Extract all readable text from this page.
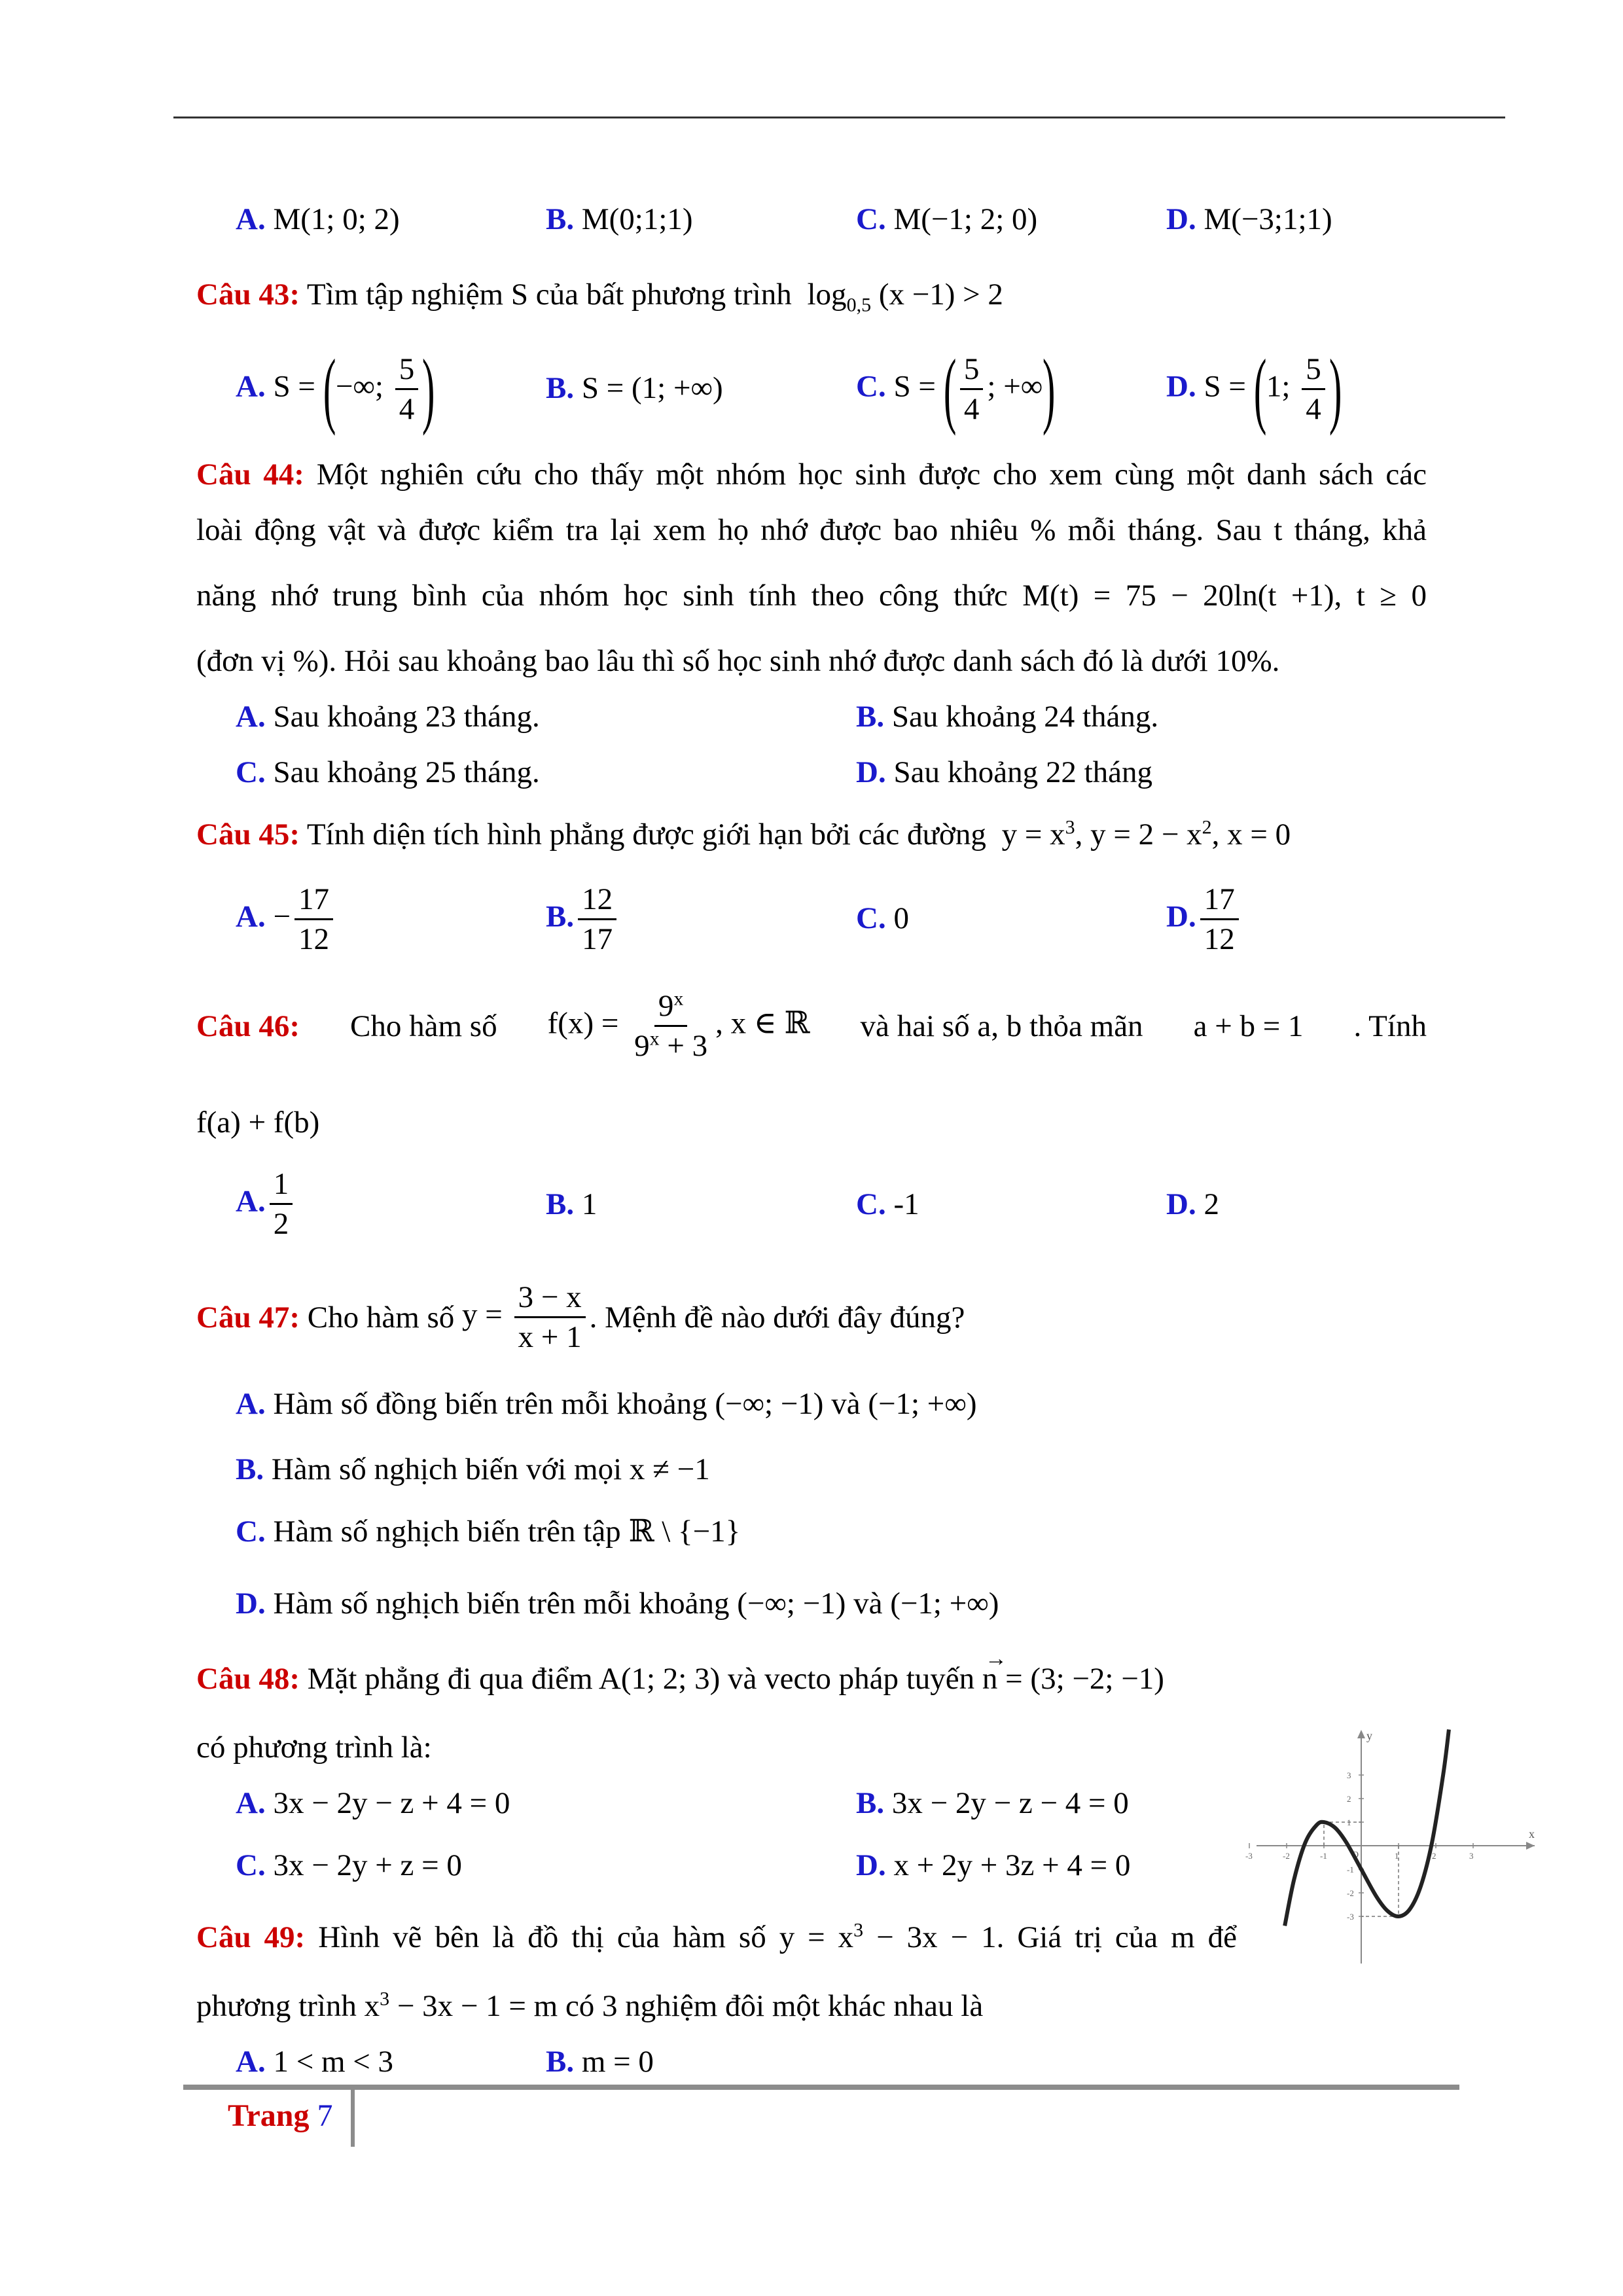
A. M(1; 0; 2)	B. M(0;1;1)	C. M(−1; 2; 0)	D. M(−3;1;1)
Câu 43: Tìm tập nghiệm S của bất phương trình $\log_{0,5} (x -1) > 2$
A. S = (−∞; $\frac{5}{4}$ )	B. S = (1; +∞)	C. S = ( $\frac{5}{4}$ ; +∞)	D. S = (1; $\frac{5}{4}$ )
Câu 44: Một nghiên cứu cho thấy một nhóm học sinh được cho xem cùng một danh sách các
loài động vật và được kiểm tra lại xem họ nhớ được bao nhiêu % mỗi tháng. Sau t tháng, khả
năng nhớ trung bình của nhóm học sinh tính theo công thức M(t) = 75 − 20ln(t +1), t ≥ 0
(đơn vị %). Hỏi sau khoảng bao lâu thì số học sinh nhớ được danh sách đó là dưới 10%.
A. Sau khoảng 23 tháng.	B. Sau khoảng 24 tháng.
C. Sau khoảng 25 tháng.	D. Sau khoảng 22 tháng
Câu 45: Tính diện tích hình phẳng được giới hạn bởi các đường $y = x^3$, $y = 2 - x^2$, x = 0
A. − $\frac{17}{12}$	B. $\frac{12}{17}$	C. 0	D. $\frac{17}{12}$
Câu 46: Cho hàm số $f(x) = \frac{9^x}{9^x + 3}$ , x ∈ ℝ và hai số a, b thỏa mãn a + b = 1 . Tính
f(a) + f(b)
A. $\frac{1}{2}$	B. 1	C. -1	D. 2
Câu 47:
Cho hàm số
$y = \frac{3 - x}{x + 1}$ . Mệnh đề nào dưới đây đúng?
A. Hàm số đồng biến trên mỗi khoảng (−∞; −1) và (−1; +∞)
B. Hàm số nghịch biến với mọi x ≠ −1
C. Hàm số nghịch biến trên tập ℝ \ {−1}
D. Hàm số nghịch biến trên mỗi khoảng (−∞; −1) và (−1; +∞)
Câu 48: Mặt phẳng đi qua điểm A(1; 2; 3) và vecto pháp tuyến
→
n = (3; −2; −1)
có phương trình là:
A. 3x − 2y − z + 4 = 0	B. 3x − 2y − z − 4 = 0
C. 3x − 2y + z = 0	D. x + 2y + 3z + 4 = 0
Câu 49: Hình vẽ bên là đồ thị của hàm số $y = x^3 - 3x - 1$. Giá trị của m để
phương trình $x^3 - 3x - 1 = m$ có 3 nghiệm đôi một khác nhau là
A. 1 < m < 3	B. m = 0
x
y
O
-3	-2	-1	1	2	3
3
2
1
-1
-2
-3
Trang 7
